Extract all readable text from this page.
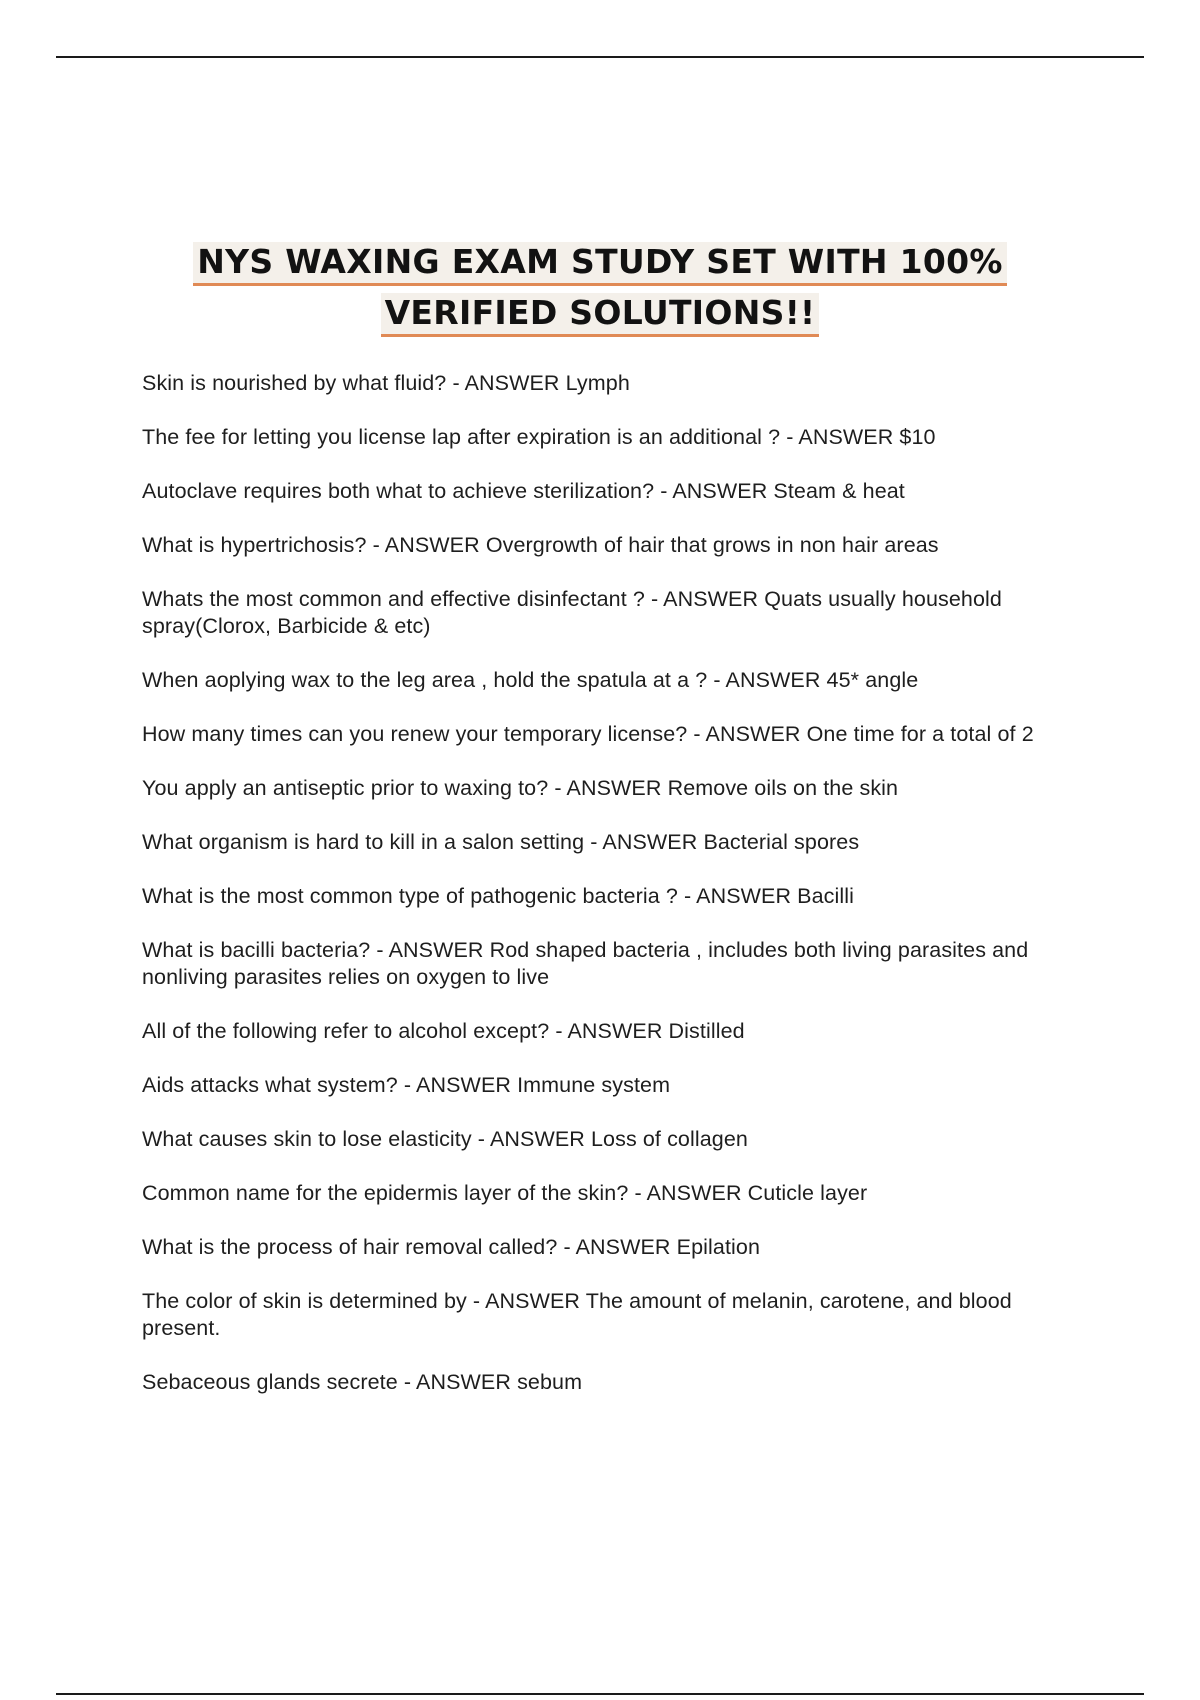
NYS WAXING EXAM STUDY SET WITH 100%
VERIFIED SOLUTIONS!!
Skin is nourished by what fluid? - ANSWER Lymph
The fee for letting you license lap after expiration is an additional ? - ANSWER $10
Autoclave requires both what to achieve sterilization? - ANSWER Steam & heat
What is hypertrichosis? - ANSWER Overgrowth of hair that grows in non hair areas
Whats the most common and effective disinfectant ? - ANSWER Quats usually household spray(Clorox, Barbicide & etc)
When aoplying wax to the leg area , hold the spatula at a ? - ANSWER 45* angle
How many times can you renew your temporary license? - ANSWER One time for a total of 2
You apply an antiseptic prior to waxing to? - ANSWER Remove oils on the skin
What organism is hard to kill in a salon setting - ANSWER Bacterial spores
What is the most common type of pathogenic bacteria ? - ANSWER Bacilli
What is bacilli bacteria? - ANSWER Rod shaped bacteria , includes both living parasites and nonliving parasites relies on oxygen to live
All of the following refer to alcohol except? - ANSWER Distilled
Aids attacks what system? - ANSWER Immune system
What causes skin to lose elasticity - ANSWER Loss of collagen
Common name for the epidermis layer of the skin? - ANSWER Cuticle layer
What is the process of hair removal called? - ANSWER Epilation
The color of skin is determined by - ANSWER The amount of melanin, carotene, and blood present.
Sebaceous glands secrete - ANSWER sebum
